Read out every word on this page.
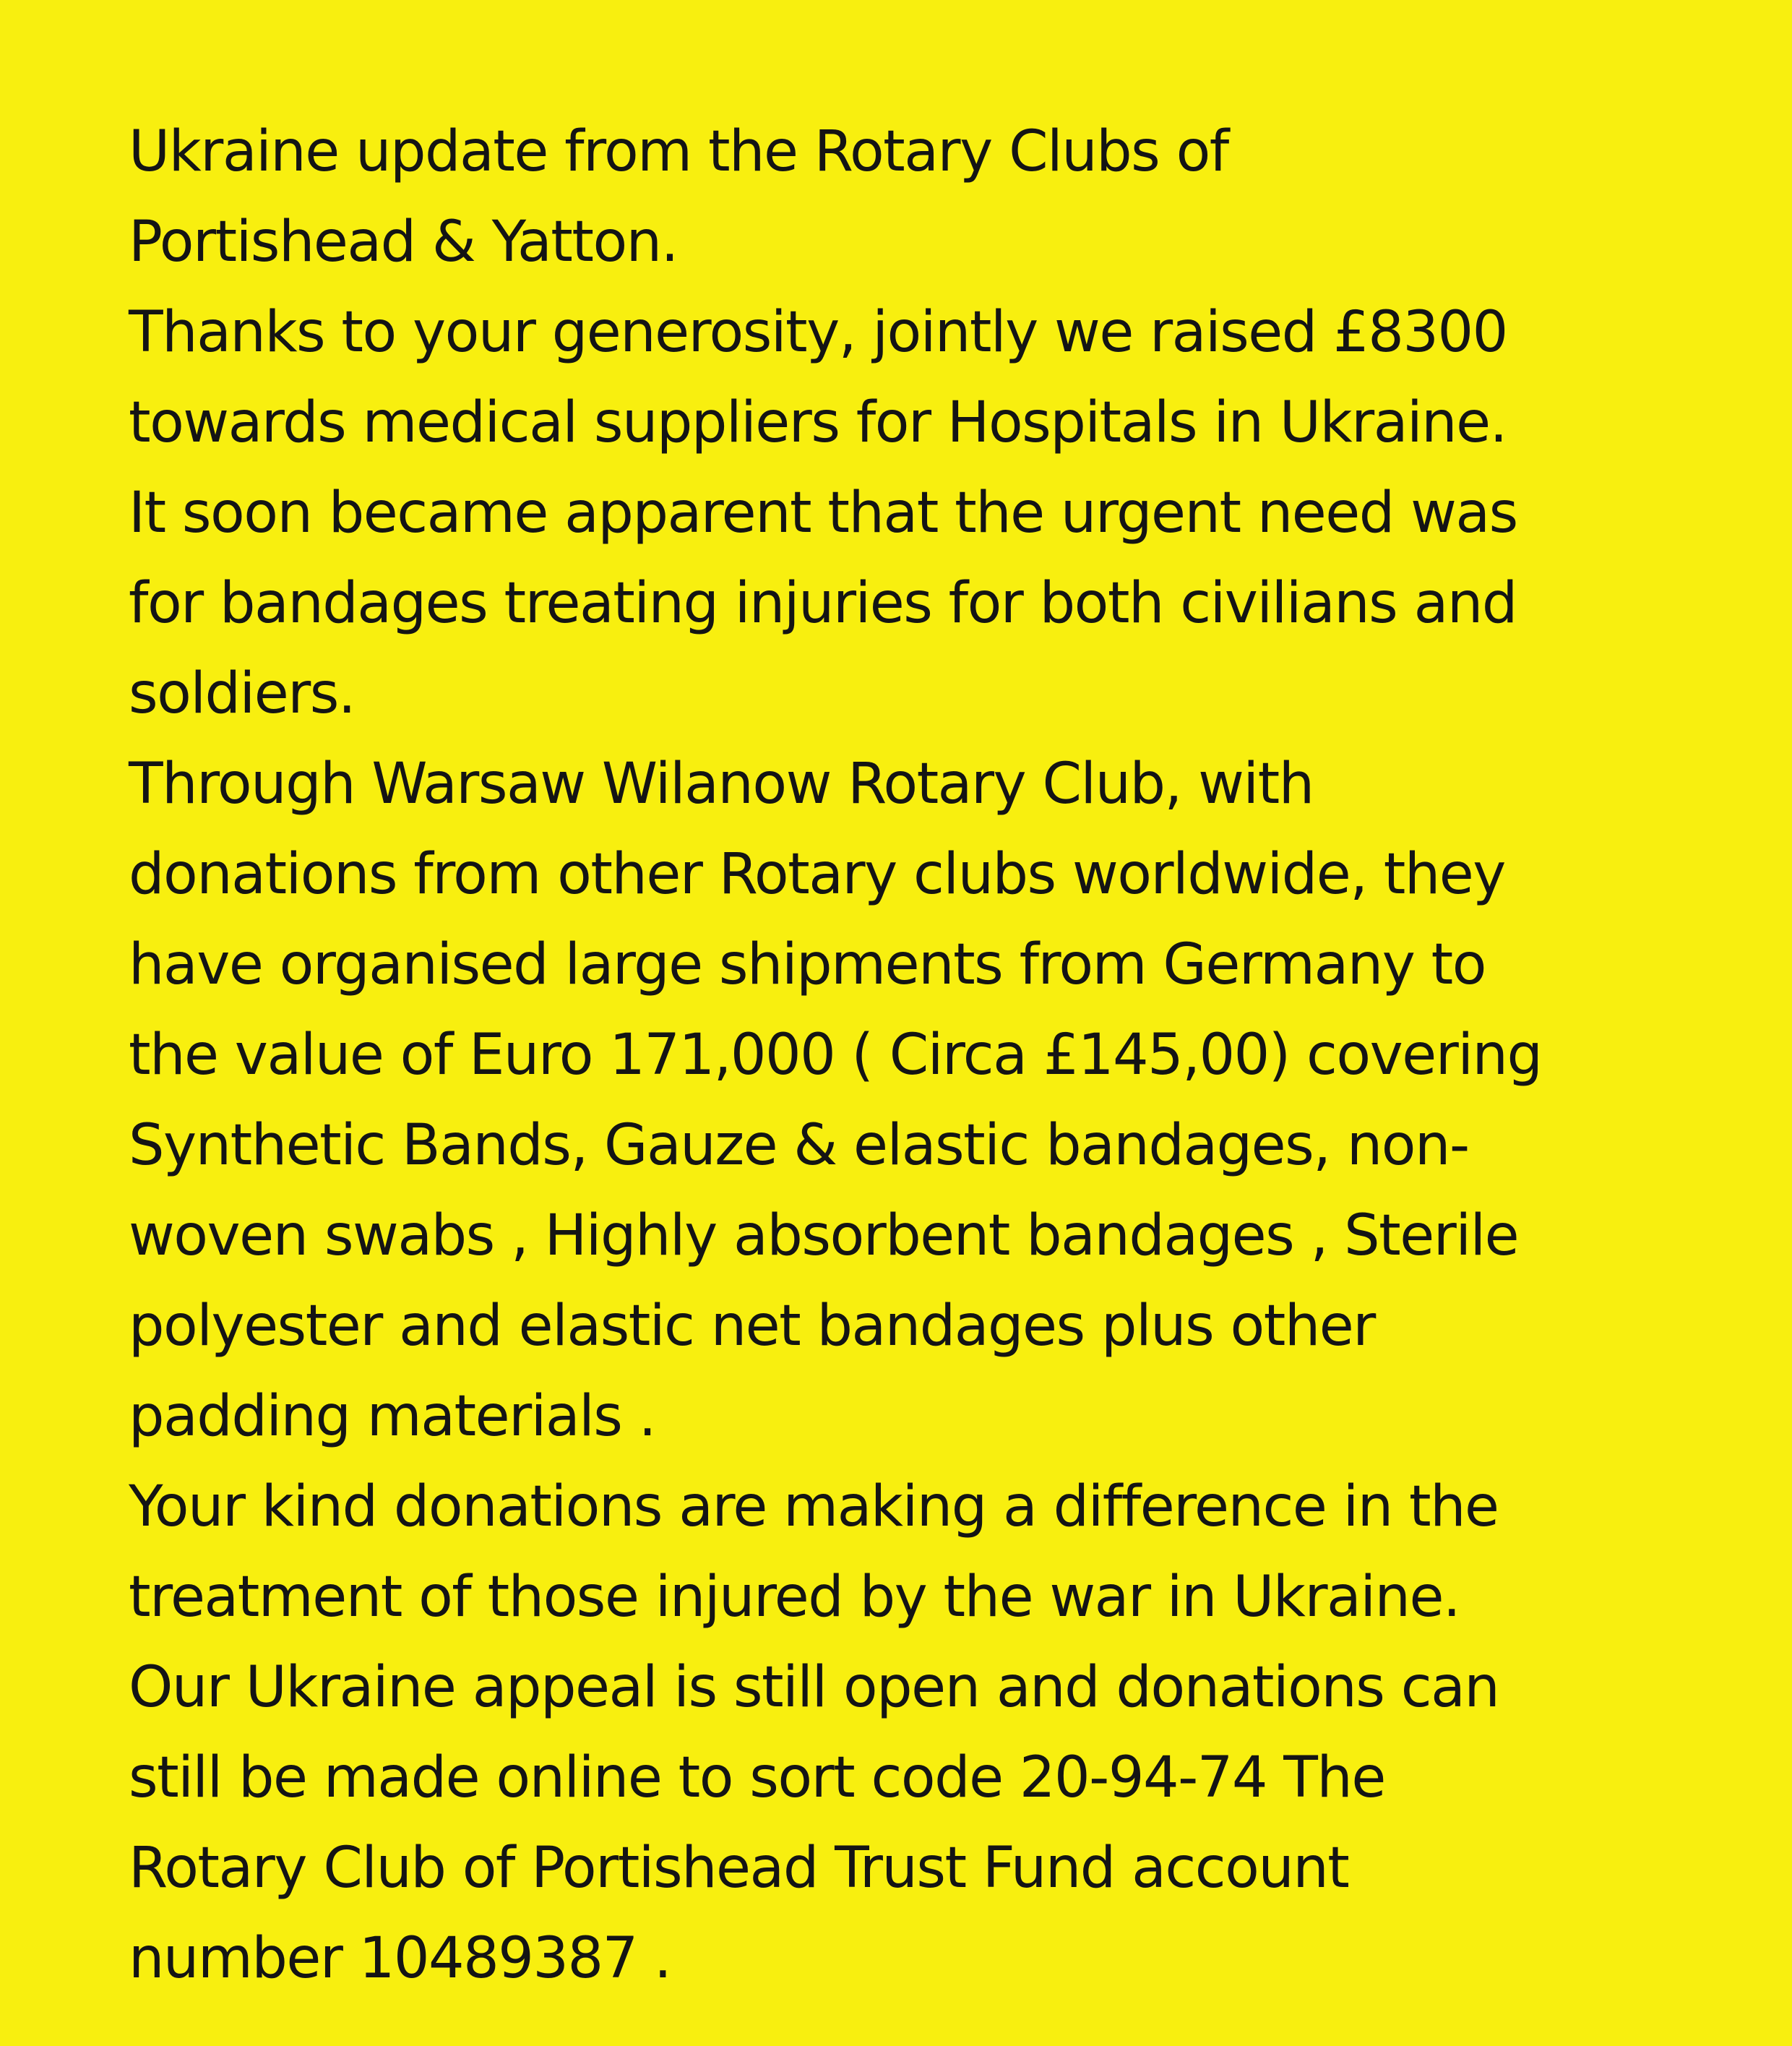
Ukraine update from the Rotary Clubs of
Portishead & Yatton.
Thanks to your generosity, jointly we raised £8300
towards medical suppliers for Hospitals in Ukraine.
It soon became apparent that the urgent need was
for bandages treating injuries for both civilians and
soldiers.
Through Warsaw Wilanow Rotary Club, with
donations from other Rotary clubs worldwide, they
have organised large shipments from Germany to
the value of Euro 171,000 ( Circa £145,00) covering
Synthetic Bands, Gauze & elastic bandages, non-
woven swabs , Highly absorbent bandages , Sterile
polyester and elastic net bandages plus other
padding materials .
Your kind donations are making a difference in the
treatment of those injured by the war in Ukraine.
Our Ukraine appeal is still open and donations can
still be made online to sort code 20-94-74 The
Rotary Club of Portishead Trust Fund account
number 10489387 .
